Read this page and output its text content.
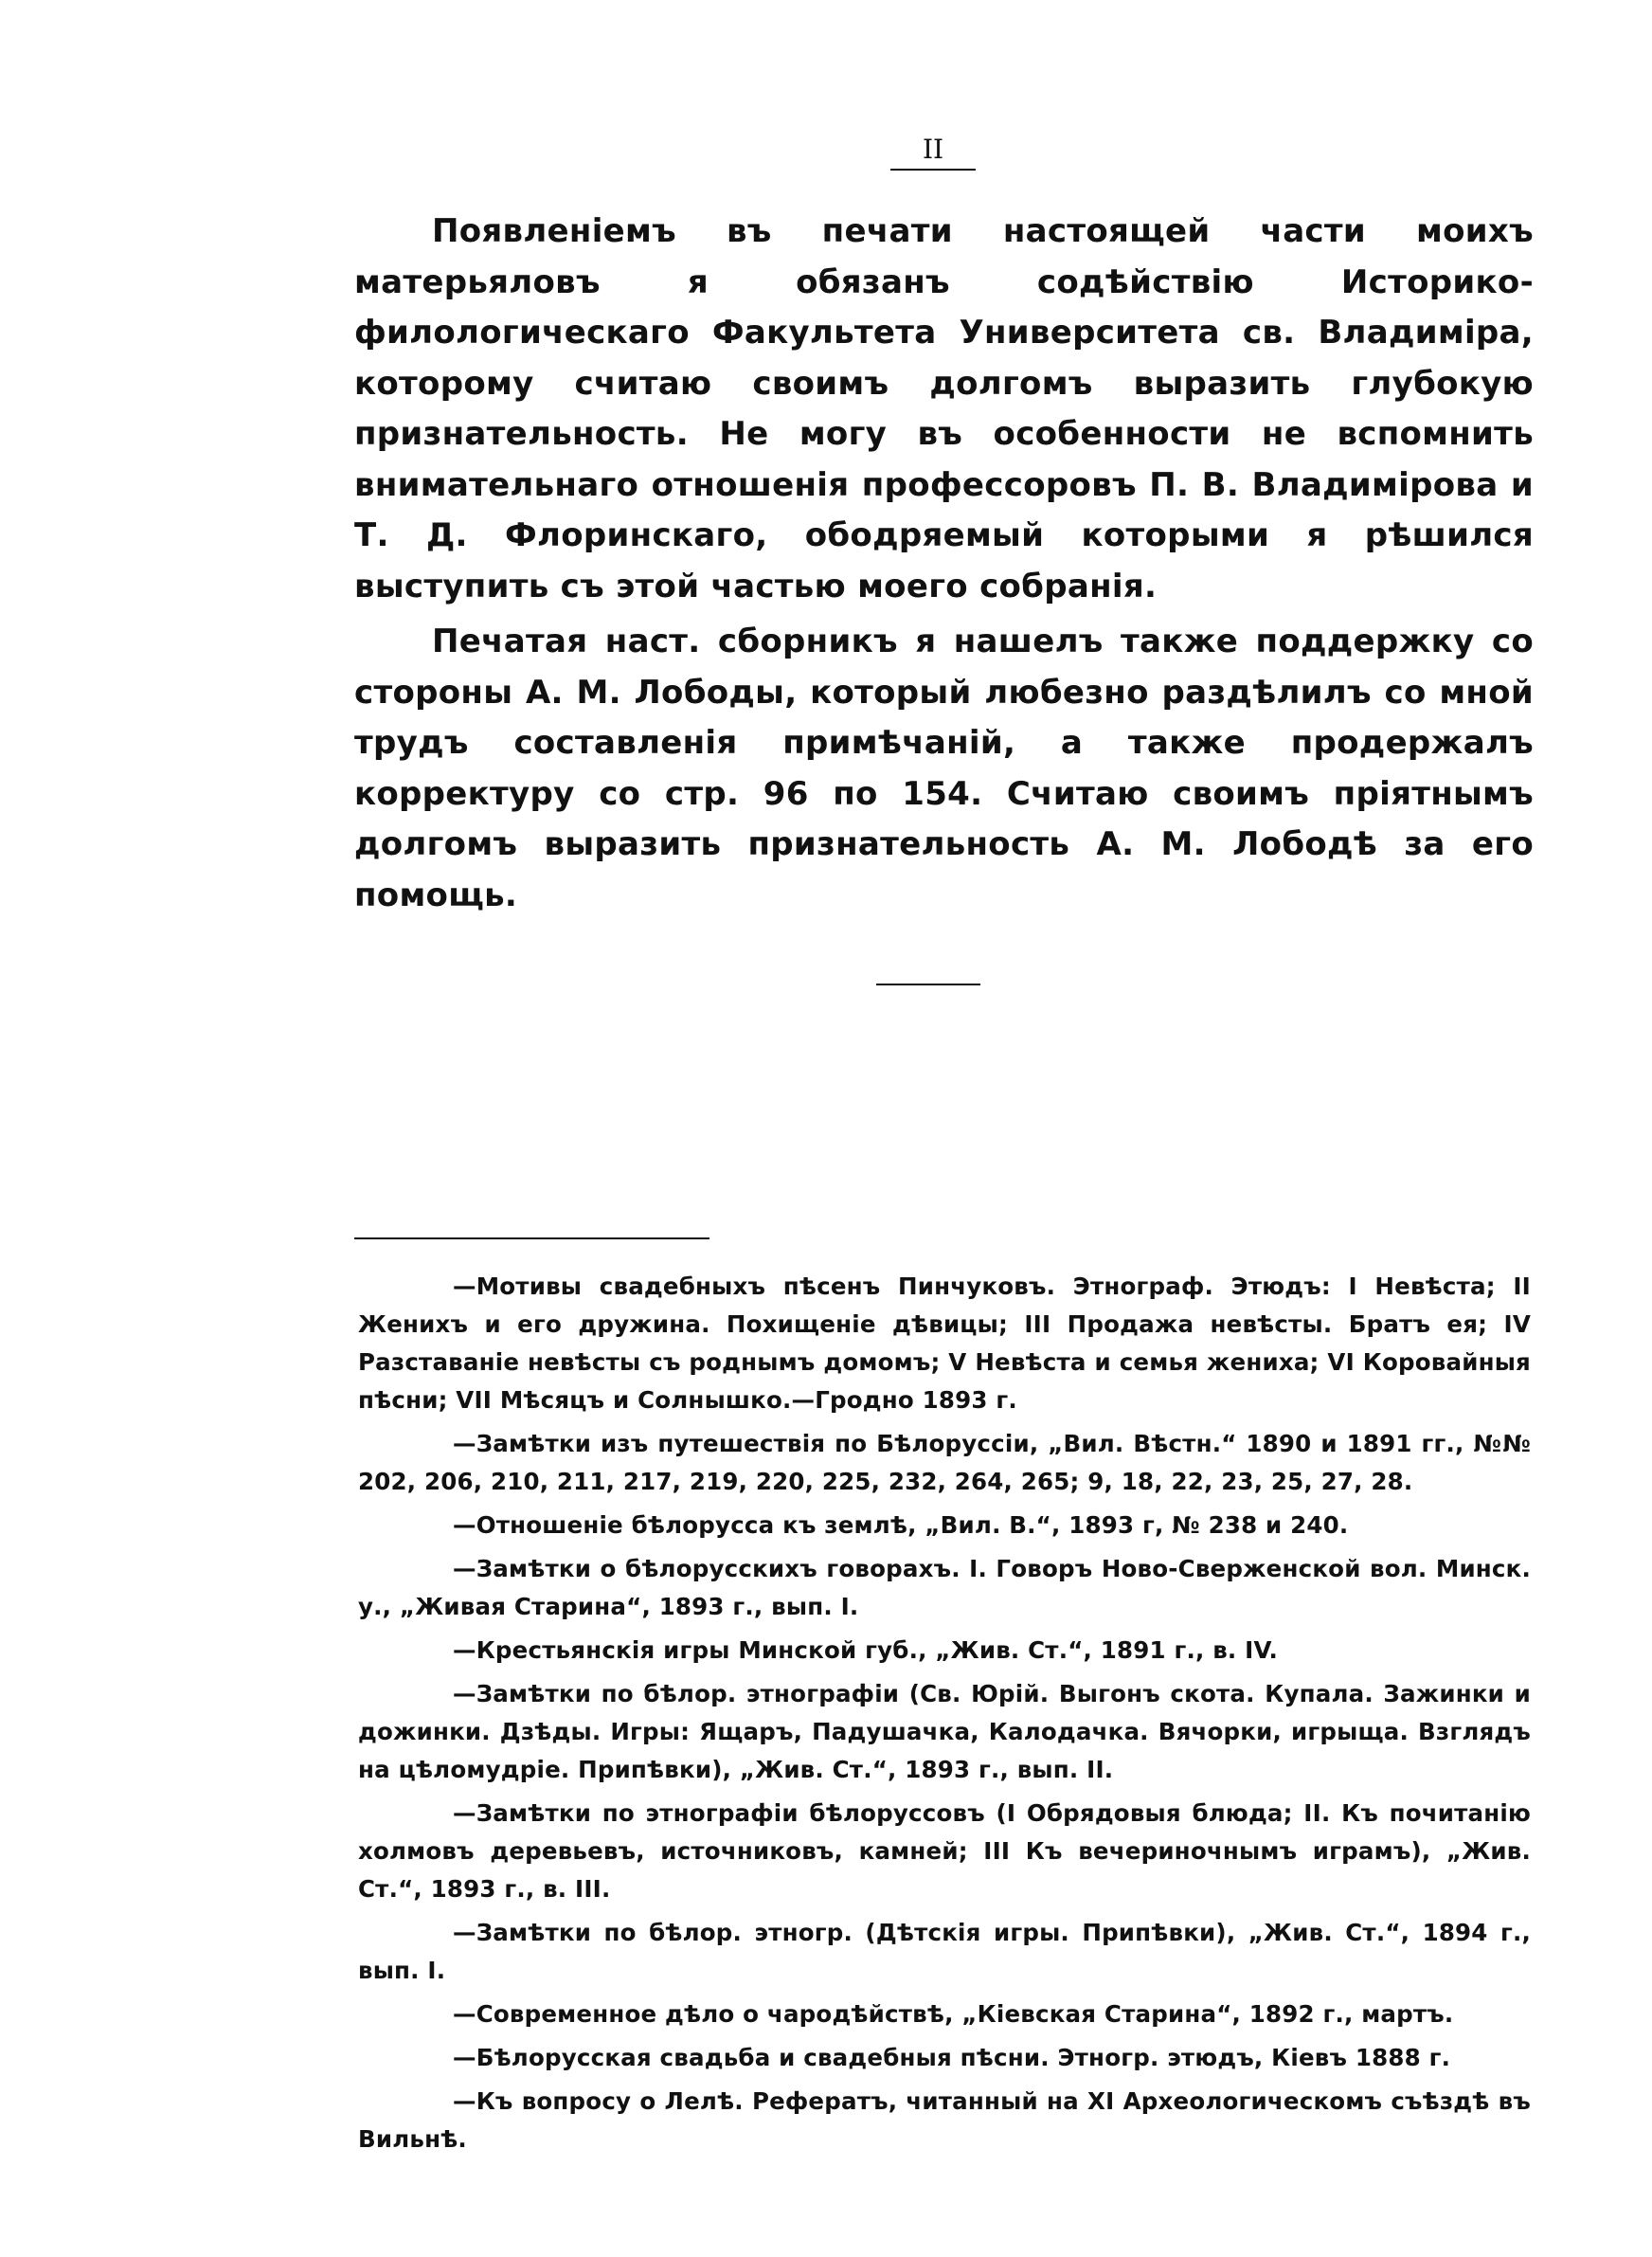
II

Появленіемъ въ печати настоящей части моихъ матерьяловъ я обязанъ содѣйствію Историко-филологическаго Факультета Университета св. Владиміра, которому считаю своимъ долгомъ выразить глубокую признательность. Не могу въ особенности не вспомнить внимательнаго отношенія профессоровъ П. В. Владимірова и Т. Д. Флоринскаго, ободряемый которыми я рѣшился выступить съ этой частью моего собранія.

Печатая наст. сборникъ я нашелъ также поддержку со стороны А. М. Лободы, который любезно раздѣлилъ со мной трудъ составленія примѣчаній, а также продержалъ корректуру со стр. 96 по 154. Считаю своимъ пріятнымъ долгомъ выразить признательность А. М. Лободѣ за его помощь.

—Мотивы свадебныхъ пѣсенъ Пинчуковъ. Этнограф. Этюдъ: I Невѣста; II Женихъ и его дружина. Похищеніе дѣвицы; III Продажа невѣсты. Братъ ея; IV Разставаніе невѣсты съ роднымъ домомъ; V Невѣста и семья жениха; VI Коровайныя пѣсни; VII Мѣсяцъ и Солнышко.—Гродно 1893 г.

—Замѣтки изъ путешествія по Бѣлоруссіи, „Вил. Вѣстн.“ 1890 и 1891 гг., №№ 202, 206, 210, 211, 217, 219, 220, 225, 232, 264, 265; 9, 18, 22, 23, 25, 27, 28.

—Отношеніе бѣлорусса къ землѣ, „Вил. В.“, 1893 г, № 238 и 240.

—Замѣтки о бѣлорусскихъ говорахъ. I. Говоръ Ново-Сверженской вол. Минск. у., „Живая Старина“, 1893 г., вып. I.

—Крестьянскія игры Минской губ., „Жив. Ст.“, 1891 г., в. IV.

—Замѣтки по бѣлор. этнографіи (Св. Юрій. Выгонъ скота. Купала. Зажинки и дожинки. Дзѣды. Игры: Ящаръ, Падушачка, Калодачка. Вячорки, игрыща. Взглядъ на цѣломудріе. Припѣвки), „Жив. Ст.“, 1893 г., вып. II.

—Замѣтки по этнографіи бѣлоруссовъ (I Обрядовыя блюда; II. Къ почитанію холмовъ деревьевъ, источниковъ, камней; III Къ вечериночнымъ играмъ), „Жив. Ст.“, 1893 г., в. III.

—Замѣтки по бѣлор. этногр. (Дѣтскія игры. Припѣвки), „Жив. Ст.“, 1894 г., вып. I.

—Современное дѣло о чародѣйствѣ, „Кіевская Старина“, 1892 г., мартъ.

—Бѣлорусская свадьба и свадебныя пѣсни. Этногр. этюдъ, Кіевъ 1888 г.

—Къ вопросу о Лелѣ. Рефератъ, читанный на XI Археологическомъ съѣздѣ въ Вильнѣ.
